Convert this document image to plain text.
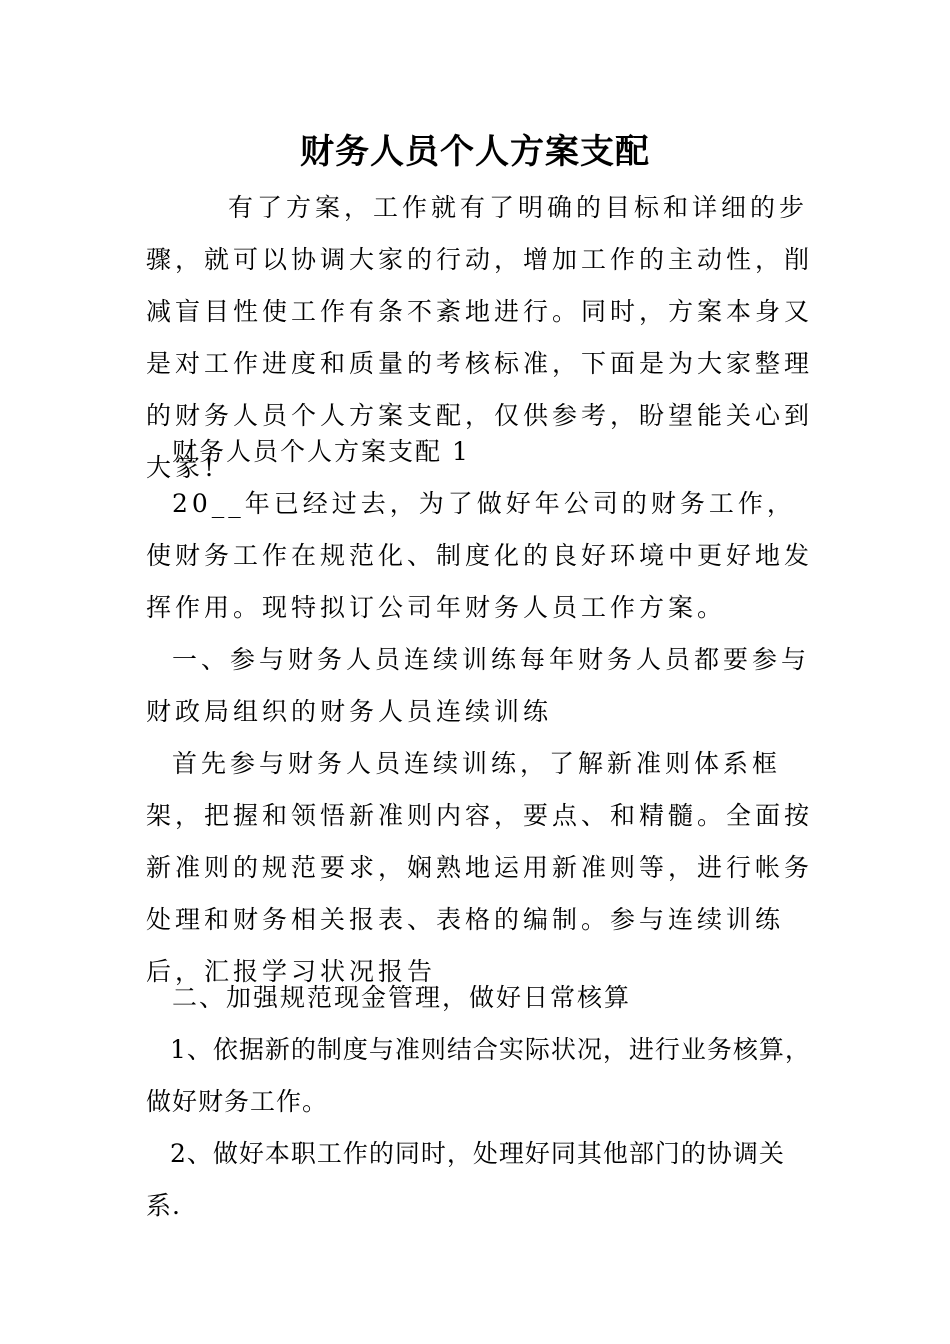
财务人员个人方案支配

有了方案，工作就有了明确的目标和详细的步骤，就可以协调大家的行动，增加工作的主动性，削减盲目性使工作有条不紊地进行。同时，方案本身又是对工作进度和质量的考核标准，下面是为大家整理的财务人员个人方案支配，仅供参考，盼望能关心到大家!

财务人员个人方案支配 1

20__年已经过去，为了做好年公司的财务工作，使财务工作在规范化、制度化的良好环境中更好地发挥作用。现特拟订公司年财务人员工作方案。

一、参与财务人员连续训练每年财务人员都要参与财政局组织的财务人员连续训练

首先参与财务人员连续训练，了解新准则体系框架，把握和领悟新准则内容，要点、和精髓。全面按新准则的规范要求，娴熟地运用新准则等，进行帐务处理和财务相关报表、表格的编制。参与连续训练后，汇报学习状况报告

二、加强规范现金管理，做好日常核算

1、依据新的制度与准则结合实际状况，进行业务核算，做好财务工作。

2、做好本职工作的同时，处理好同其他部门的协调关系.
